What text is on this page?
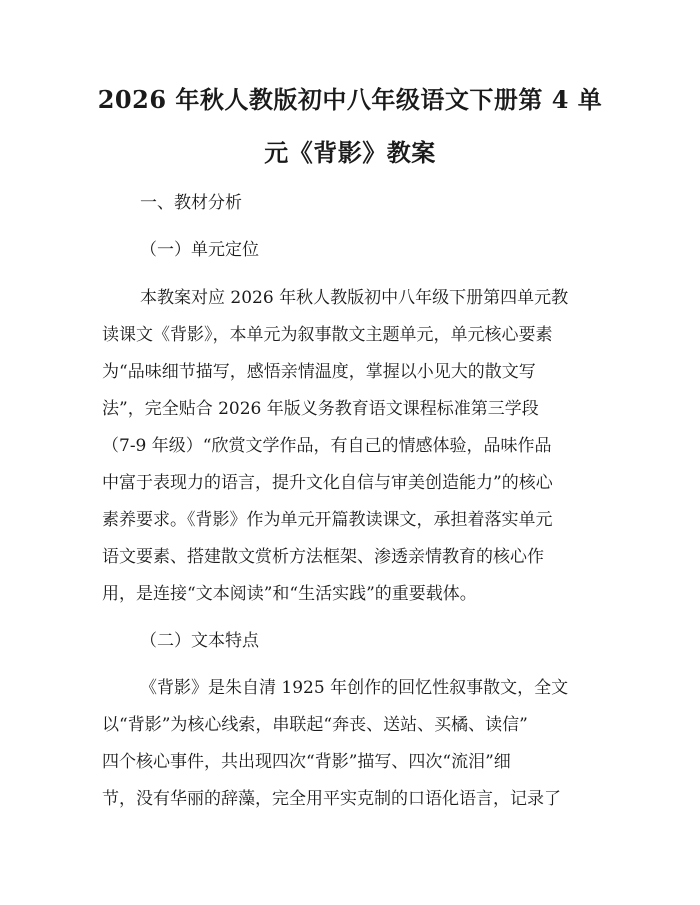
2026 年秋人教版初中八年级语文下册第 4 单
元《背影》教案
一、教材分析
（一）单元定位
本教案对应 2026 年秋人教版初中八年级下册第四单元教
读课文《背影》，本单元为叙事散文主题单元，单元核心要素
为“品味细节描写，感悟亲情温度，掌握以小见大的散文写
法”，完全贴合 2026 年版义务教育语文课程标准第三学段
（7-9 年级）“欣赏文学作品，有自己的情感体验，品味作品
中富于表现力的语言，提升文化自信与审美创造能力”的核心
素养要求。《背影》作为单元开篇教读课文，承担着落实单元
语文要素、搭建散文赏析方法框架、渗透亲情教育的核心作
用，是连接“文本阅读”和“生活实践”的重要载体。
（二）文本特点
《背影》是朱自清 1925 年创作的回忆性叙事散文，全文
以“背影”为核心线索，串联起“奔丧、送站、买橘、读信”
四个核心事件，共出现四次“背影”描写、四次“流泪”细
节，没有华丽的辞藻，完全用平实克制的口语化语言，记录了
